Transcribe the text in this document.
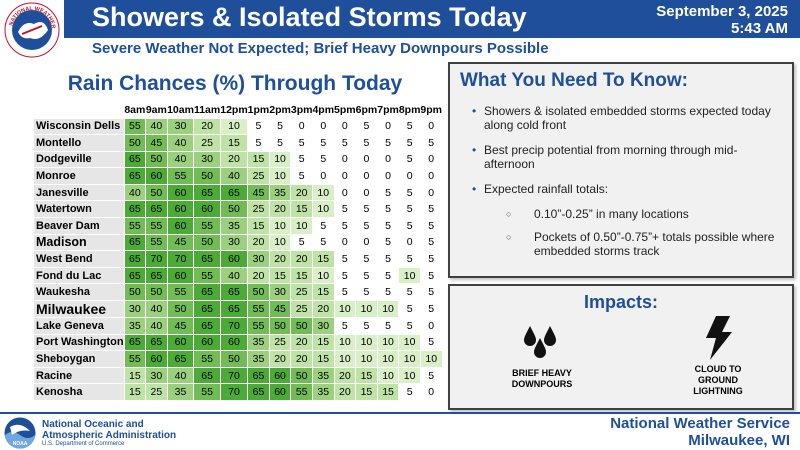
NATIONAL WEATHER Showers & Isolated Storms Today	September 3, 2025
5:43 AM
Severe Weather Not Expected; Brief Heavy Downpours Possible
Rain Chances (%) Through Today
	8am	9am	10am	11am	12pm	1pm	2pm	3pm	4pm	5pm	6pm	7pm	8pm	9pm
Wisconsin Dells	55	40	30	20	10	5	5	0	0	0	5	0	5	0
Montello	50	45	40	25	15	5	5	5	5	5	5	5	5	5
Dodgeville	65	50	40	30	20	15	10	5	5	0	0	0	5	0
Monroe	65	60	55	50	40	25	10	5	0	0	0	0	0	0
Janesville	40	50	60	65	65	45	35	20	10	0	0	5	5	0
Watertown	65	65	60	60	50	25	20	15	10	5	5	5	5	5
Beaver Dam	55	55	60	55	35	15	10	10	5	5	5	5	5	5
Madison	65	55	45	50	30	20	10	5	5	0	0	5	0	5
West Bend	65	70	70	65	60	30	20	20	15	5	5	5	5	5
Fond du Lac	65	65	60	55	40	20	15	15	10	5	5	5	10	5
Waukesha	50	50	55	65	65	50	30	25	15	5	5	5	5	5
Milwaukee	30	40	50	65	65	55	45	25	20	10	10	10	5	5
Lake Geneva	35	40	45	65	70	55	50	50	30	5	5	5	5	0
Port Washington	65	65	60	60	60	35	25	20	15	10	10	10	10	5
Sheboygan	55	60	65	55	50	35	20	20	15	10	10	10	10	10
Racine	15	30	40	65	70	65	60	50	35	20	15	10	10	5
Kenosha	15	25	35	55	70	65	60	55	35	20	15	15	5	0
What You Need To Know:
• Showers & isolated embedded storms expected today along cold front
• Best precip potential from morning through mid-afternoon
• Expected rainfall totals:
○ 0.10”-0.25” in many locations
○ Pockets of 0.50”-0.75”+ totals possible where embedded storms track
Impacts:
BRIEF HEAVY
DOWNPOURS
CLOUD TO
GROUND
LIGHTNING
NOAA
National Oceanic and
Atmospheric Administration
U.S. Department of Commerce
National Weather Service
Milwaukee, WI
